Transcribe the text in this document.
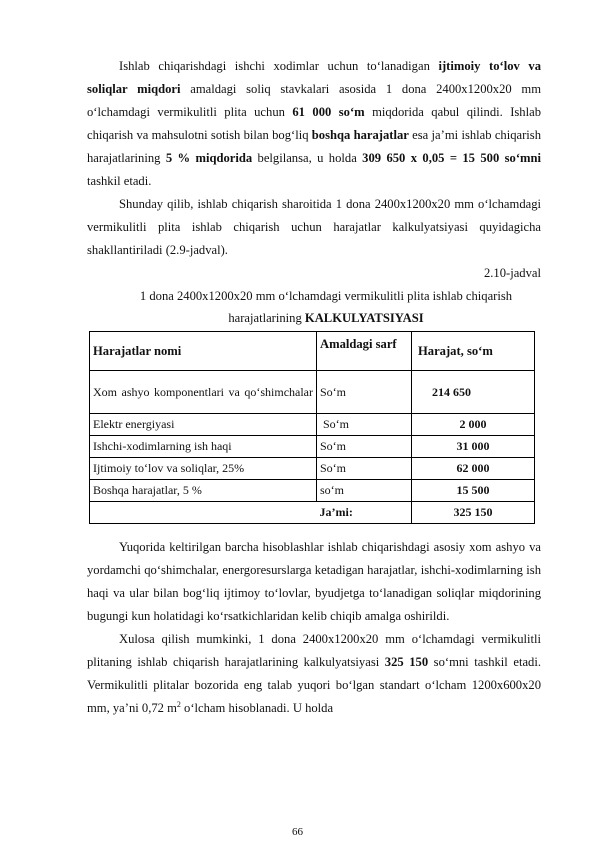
Ishlab chiqarishdagi ishchi xodimlar uchun to‘lanadigan ijtimoiy to‘lov va soliqlar miqdori amaldagi soliq stavkalari asosida 1 dona 2400x1200x20 mm o‘lchamdagi vermikulitli plita uchun 61 000 so‘m miqdorida qabul qilindi. Ishlab chiqarish va mahsulotni sotish bilan bog‘liq boshqa harajatlar esa ja’mi ishlab chiqarish harajatlarining 5 % miqdorida belgilansa, u holda 309 650 x 0,05 = 15 500 so‘mni tashkil etadi.

Shunday qilib, ishlab chiqarish sharoitida 1 dona 2400x1200x20 mm o‘lchamdagi vermikulitli plita ishlab chiqarish uchun harajatlar kalkulyatsiyasi quyidagicha shakllantiriladi (2.9-jadval).

2.10-jadval

1 dona 2400x1200x20 mm o‘lchamdagi vermikulitli plita ishlab chiqarish harajatlarining KALKULYATSIYASI

Harajatlar nomi	Amaldagi sarf	Harajat, so‘m
Xom ashyo komponentlari va qo‘shimchalar	So‘m	214 650
Elektr energiyasi	So‘m	2 000
Ishchi-xodimlarning ish haqi	So‘m	31 000
Ijtimoiy to‘lov va soliqlar, 25%	So‘m	62 000
Boshqa harajatlar, 5 %	so‘m	15 500
	Ja’mi:	325 150

Yuqorida keltirilgan barcha hisoblashlar ishlab chiqarishdagi asosiy xom ashyo va yordamchi qo‘shimchalar, energoresurslarga ketadigan harajatlar, ishchi-xodimlarning ish haqi va ular bilan bog‘liq ijtimoy to‘lovlar, byudjetga to‘lanadigan soliqlar miqdorining bugungi kun holatidagi ko‘rsatkichlaridan kelib chiqib amalga oshirildi.

Xulosa qilish mumkinki, 1 dona 2400x1200x20 mm o‘lchamdagi vermikulitli plitaning ishlab chiqarish harajatlarining kalkulyatsiyasi 325 150 so‘mni tashkil etadi. Vermikulitli plitalar bozorida eng talab yuqori bo‘lgan standart o‘lcham 1200x600x20 mm, ya’ni 0,72 $m^2$ o‘lcham hisoblanadi. U holda

66
